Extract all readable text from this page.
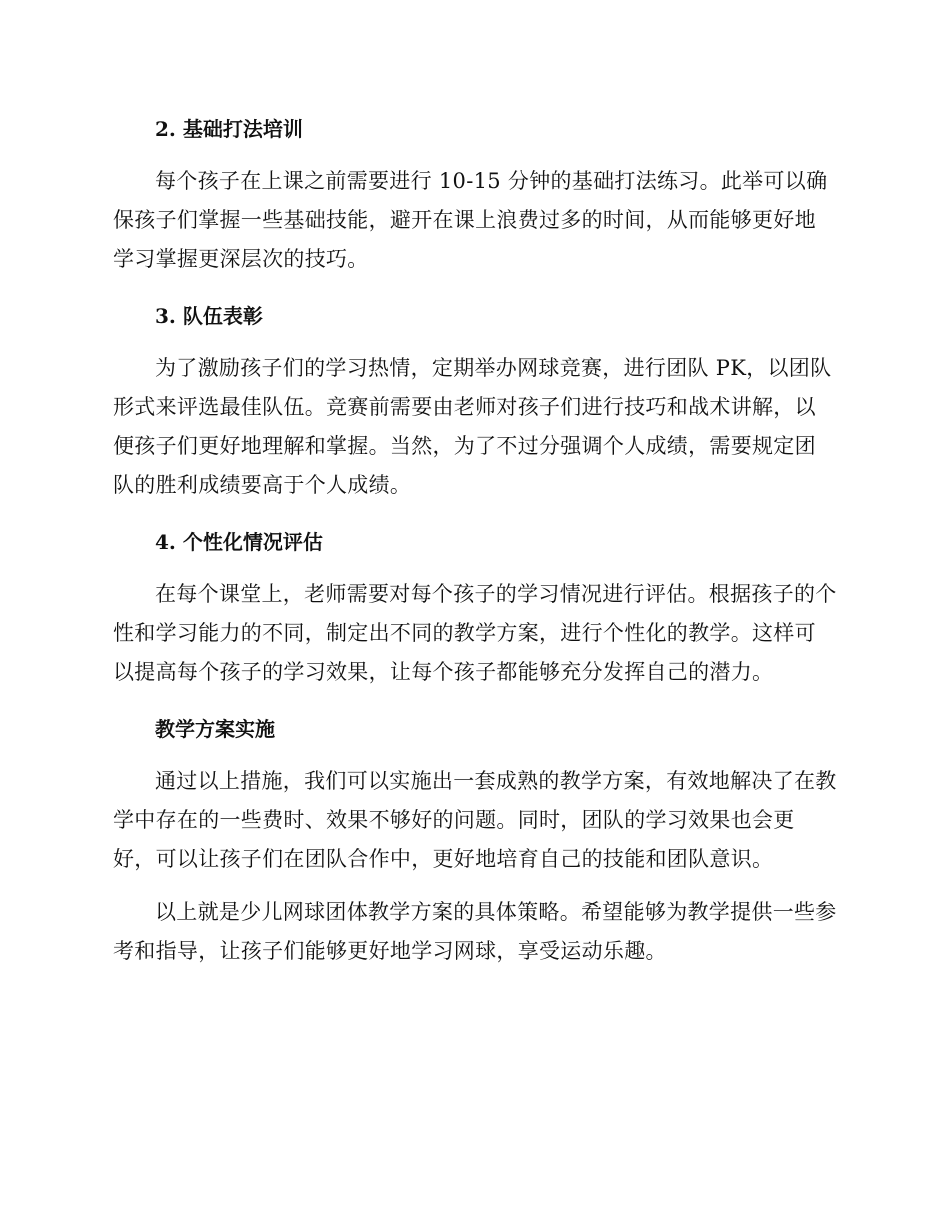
2. 基础打法培训

每个孩子在上课之前需要进行 10-15 分钟的基础打法练习。此举可以确保孩子们掌握一些基础技能，避开在课上浪费过多的时间，从而能够更好地学习掌握更深层次的技巧。

3. 队伍表彰

为了激励孩子们的学习热情，定期举办网球竞赛，进行团队 PK，以团队形式来评选最佳队伍。竞赛前需要由老师对孩子们进行技巧和战术讲解，以便孩子们更好地理解和掌握。当然，为了不过分强调个人成绩，需要规定团队的胜利成绩要高于个人成绩。

4. 个性化情况评估

在每个课堂上，老师需要对每个孩子的学习情况进行评估。根据孩子的个性和学习能力的不同，制定出不同的教学方案，进行个性化的教学。这样可以提高每个孩子的学习效果，让每个孩子都能够充分发挥自己的潜力。

教学方案实施

通过以上措施，我们可以实施出一套成熟的教学方案，有效地解决了在教学中存在的一些费时、效果不够好的问题。同时，团队的学习效果也会更好，可以让孩子们在团队合作中，更好地培育自己的技能和团队意识。

以上就是少儿网球团体教学方案的具体策略。希望能够为教学提供一些参考和指导，让孩子们能够更好地学习网球，享受运动乐趣。
